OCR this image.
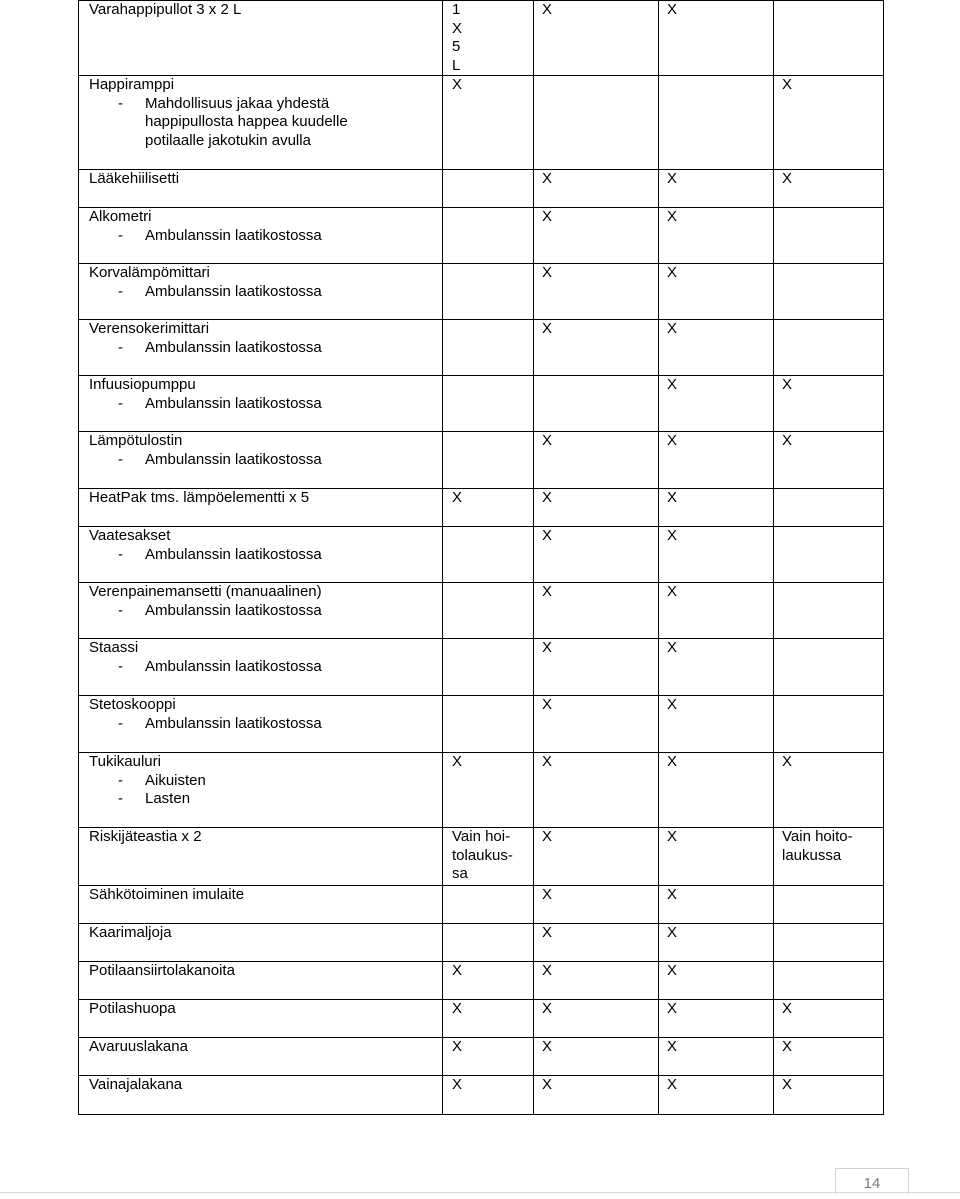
Varahappipullot 3 x 2 L	1
X
5
L	X	X	

Happiramppi
- Mahdollisuus jakaa yhdestä
happipullosta happea kuudelle
potilaalle jakotukin avulla	X			X

Lääkehiilisetti		X	X	X

Alkometri
- Ambulanssin laatikostossa		X	X	

Korvalämpömittari
- Ambulanssin laatikostossa		X	X	

Verensokerimittari
- Ambulanssin laatikostossa		X	X	

Infuusiopumppu
- Ambulanssin laatikostossa			X	X

Lämpötulostin
- Ambulanssin laatikostossa		X	X	X

HeatPak tms. lämpöelementti x 5	X	X	X	

Vaatesakset
- Ambulanssin laatikostossa		X	X	

Verenpainemansetti (manuaalinen)
- Ambulanssin laatikostossa		X	X	

Staassi
- Ambulanssin laatikostossa		X	X	

Stetoskooppi
- Ambulanssin laatikostossa		X	X	

Tukikauluri
- Aikuisten
- Lasten	X	X	X	X

Riskijäteastia x 2	Vain hoi-
tolaukus-
sa	X	X	Vain hoito-
laukussa

Sähkötoiminen imulaite		X	X	

Kaarimaljoja		X	X	

Potilaansiirtolakanoita	X	X	X	

Potilashuopa	X	X	X	X

Avaruuslakana	X	X	X	X

Vainajalakana	X	X	X	X
14
